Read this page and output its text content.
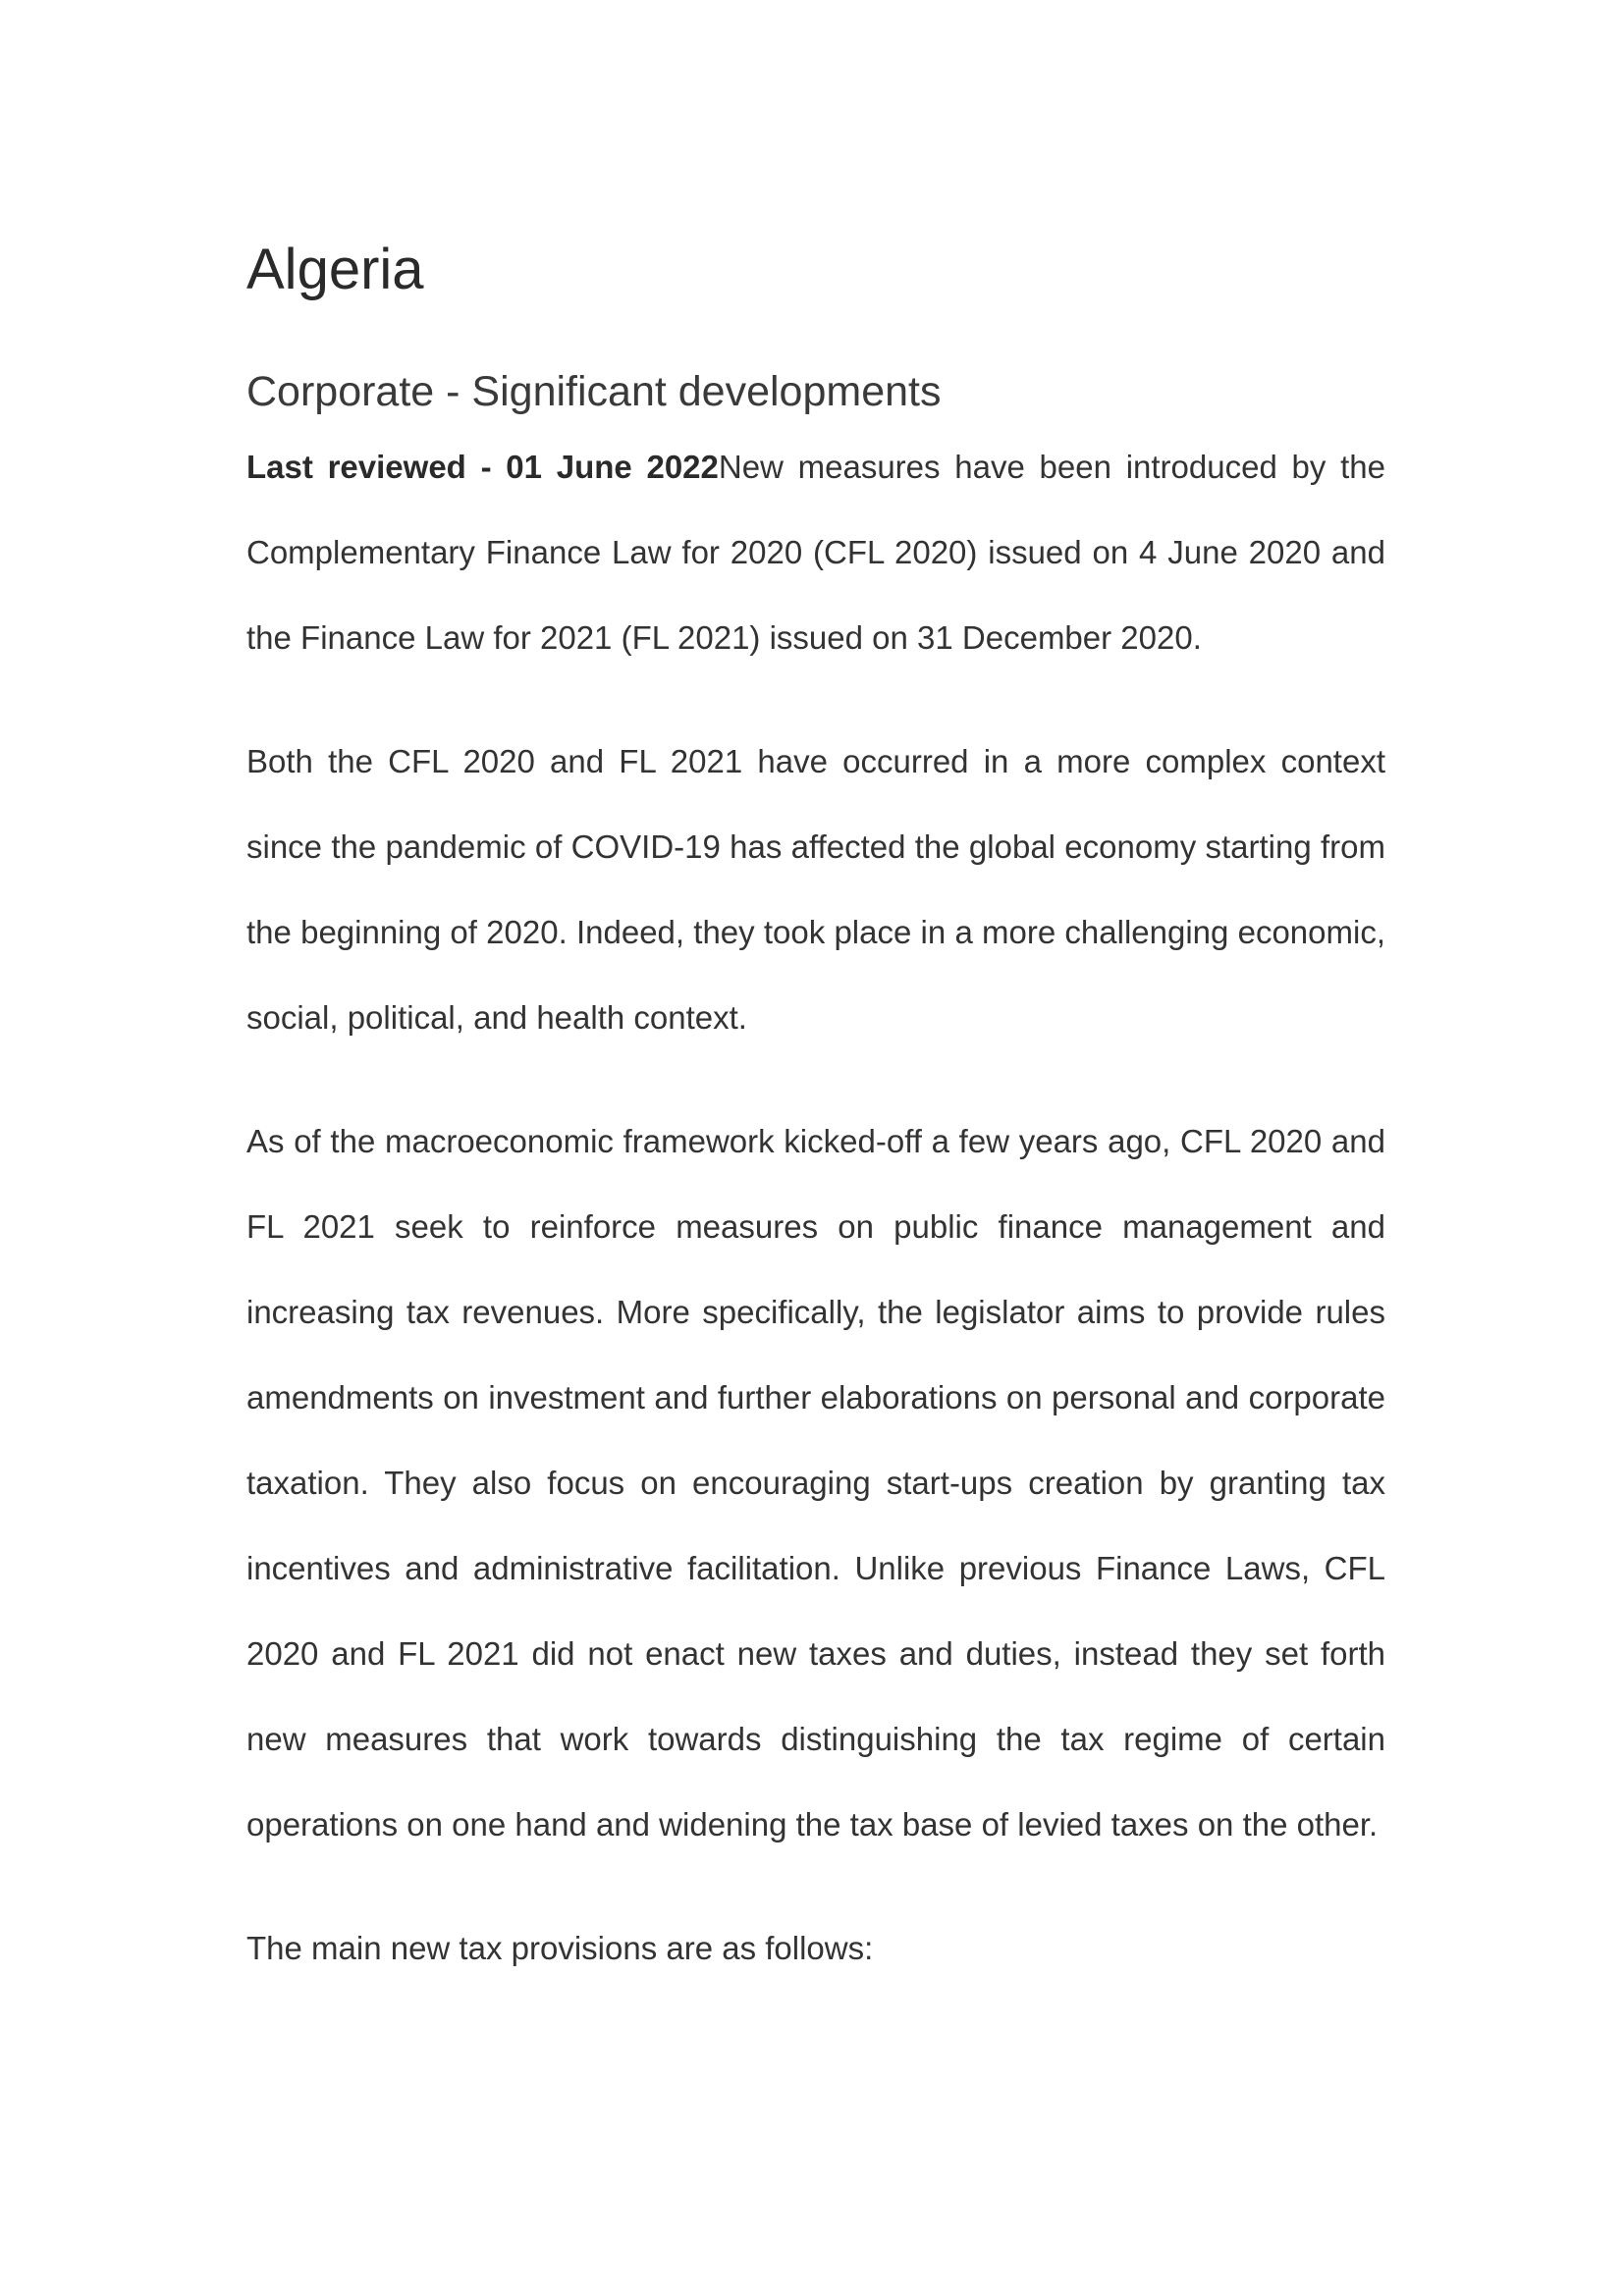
Algeria
Corporate - Significant developments

Last reviewed - 01 June 2022New measures have been introduced by the Complementary Finance Law for 2020 (CFL 2020) issued on 4 June 2020 and the Finance Law for 2021 (FL 2021) issued on 31 December 2020.

Both the CFL 2020 and FL 2021 have occurred in a more complex context since the pandemic of COVID-19 has affected the global economy starting from the beginning of 2020. Indeed, they took place in a more challenging economic, social, political, and health context.

As of the macroeconomic framework kicked-off a few years ago, CFL 2020 and FL 2021 seek to reinforce measures on public finance management and increasing tax revenues. More specifically, the legislator aims to provide rules amendments on investment and further elaborations on personal and corporate taxation. They also focus on encouraging start-ups creation by granting tax incentives and administrative facilitation. Unlike previous Finance Laws, CFL 2020 and FL 2021 did not enact new taxes and duties, instead they set forth new measures that work towards distinguishing the tax regime of certain operations on one hand and widening the tax base of levied taxes on the other.

The main new tax provisions are as follows:
